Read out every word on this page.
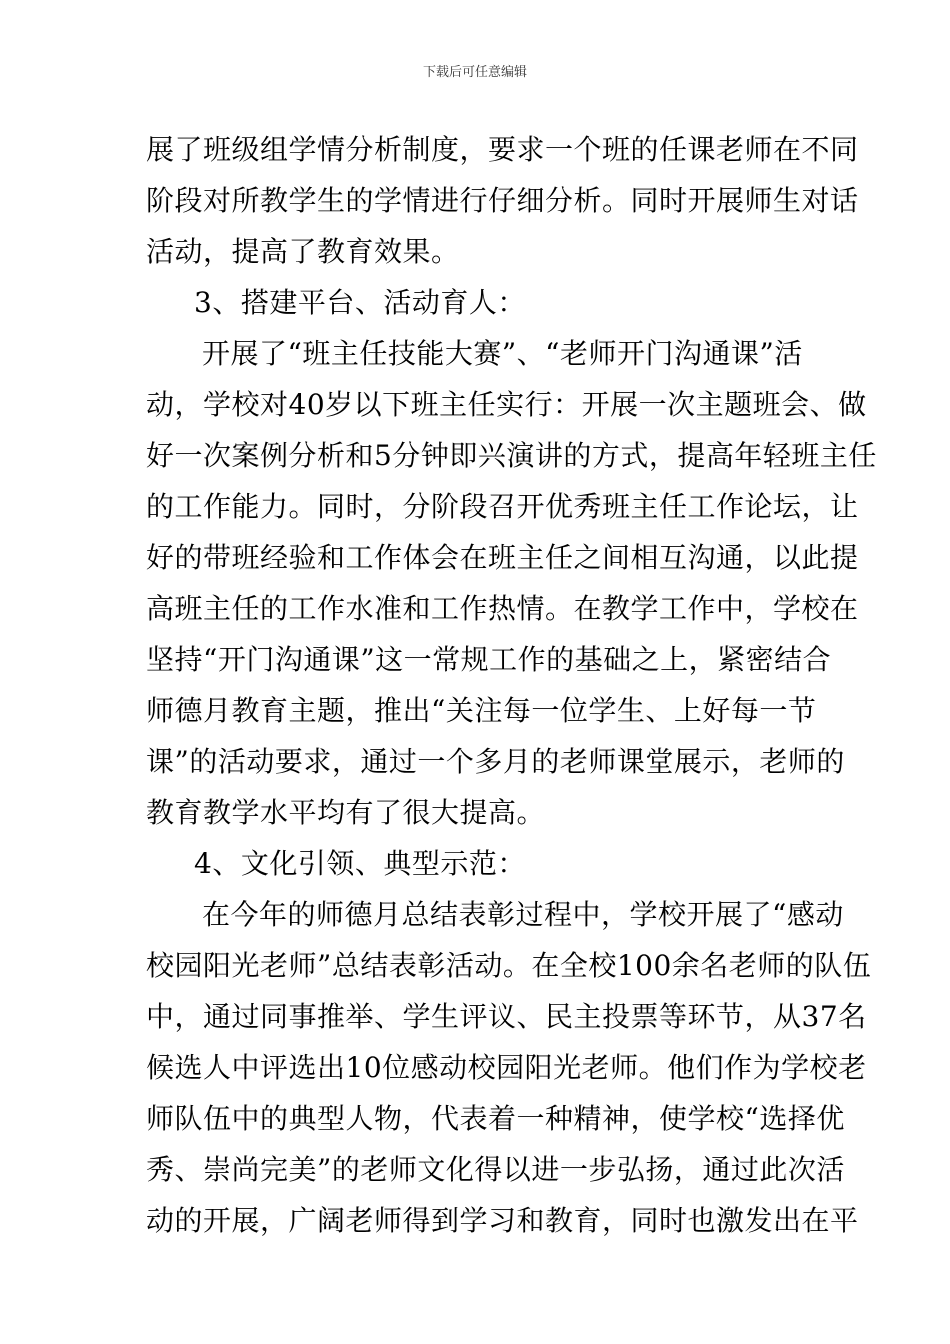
下载后可任意编辑
展了班级组学情分析制度，要求一个班的任课老师在不同
阶段对所教学生的学情进行仔细分析。同时开展师生对话
活动，提高了教育效果。
3、搭建平台、活动育人：
开展了“班主任技能大赛”、“老师开门沟通课”活
动，学校对40岁以下班主任实行：开展一次主题班会、做
好一次案例分析和5分钟即兴演讲的方式，提高年轻班主任
的工作能力。同时，分阶段召开优秀班主任工作论坛，让
好的带班经验和工作体会在班主任之间相互沟通，以此提
高班主任的工作水准和工作热情。在教学工作中，学校在
坚持“开门沟通课”这一常规工作的基础之上，紧密结合
师德月教育主题，推出“关注每一位学生、上好每一节
课”的活动要求，通过一个多月的老师课堂展示，老师的
教育教学水平均有了很大提高。
4、文化引领、典型示范：
在今年的师德月总结表彰过程中，学校开展了“感动
校园阳光老师”总结表彰活动。在全校100余名老师的队伍
中，通过同事推举、学生评议、民主投票等环节，从37名
候选人中评选出10位感动校园阳光老师。他们作为学校老
师队伍中的典型人物，代表着一种精神，使学校“选择优
秀、崇尚完美”的老师文化得以进一步弘扬，通过此次活
动的开展，广阔老师得到学习和教育，同时也激发出在平
